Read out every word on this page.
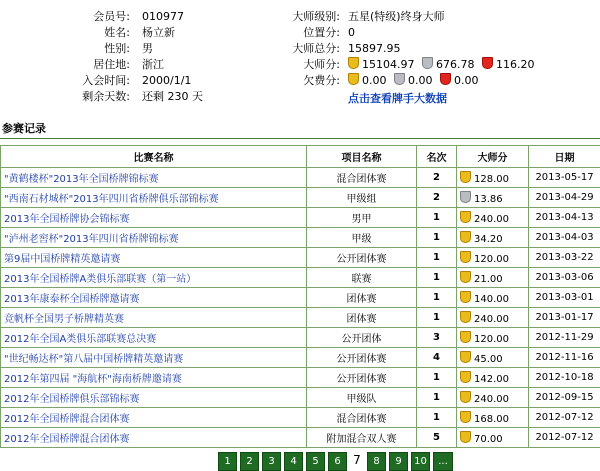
会员号: 010977
姓名: 杨立新
性别: 男
居住地: 浙江
入会时间: 2000/1/1
剩余天数: 还剩 230 天
大师级别: 五星(特级)终身大师
位置分: 0
大师总分: 15897.95
大师分:	15104.97 676.78 116.20
欠费分:	0.00 0.00 0.00
点击查看牌手大数据
参赛记录
比赛名称	项目名称	名次	大师分	日期
"黄鹤楼杯"2013年全国桥牌锦标赛	混合团体赛	2	128.00	2013-05-17
"西南石材城杯"2013年四川省桥牌俱乐部锦标赛	甲级组	2	13.86	2013-04-29
2013年全国桥牌协会锦标赛	男甲	1	240.00	2013-04-13
"泸州老窖杯"2013年四川省桥牌锦标赛	甲级	1	34.20	2013-04-03
第9届中国桥牌精英邀请赛	公开团体赛	1	120.00	2013-03-22
2013年全国桥牌A类俱乐部联赛（第一站）	联赛	1	21.00	2013-03-06
2013年康泰杯全国桥牌邀请赛	团体赛	1	140.00	2013-03-01
竞帆杯全国男子桥牌精英赛	团体赛	1	240.00	2013-01-17
2012年全国A类俱乐部联赛总决赛	公开团体	3	120.00	2012-11-29
"世纪畅达杯"第八届中国桥牌精英邀请赛	公开团体赛	4	45.00	2012-11-16
2012年第四届 "海航杯"海南桥牌邀请赛	公开团体赛	1	142.00	2012-10-18
2012年全国桥牌俱乐部锦标赛	甲级队	1	240.00	2012-09-15
2012年全国桥牌混合团体赛	混合团体赛	1	168.00	2012-07-12
2012年全国桥牌混合团体赛	附加混合双人赛	5	70.00	2012-07-12
1	2	3	4	5	6	7	8	9	10	...
